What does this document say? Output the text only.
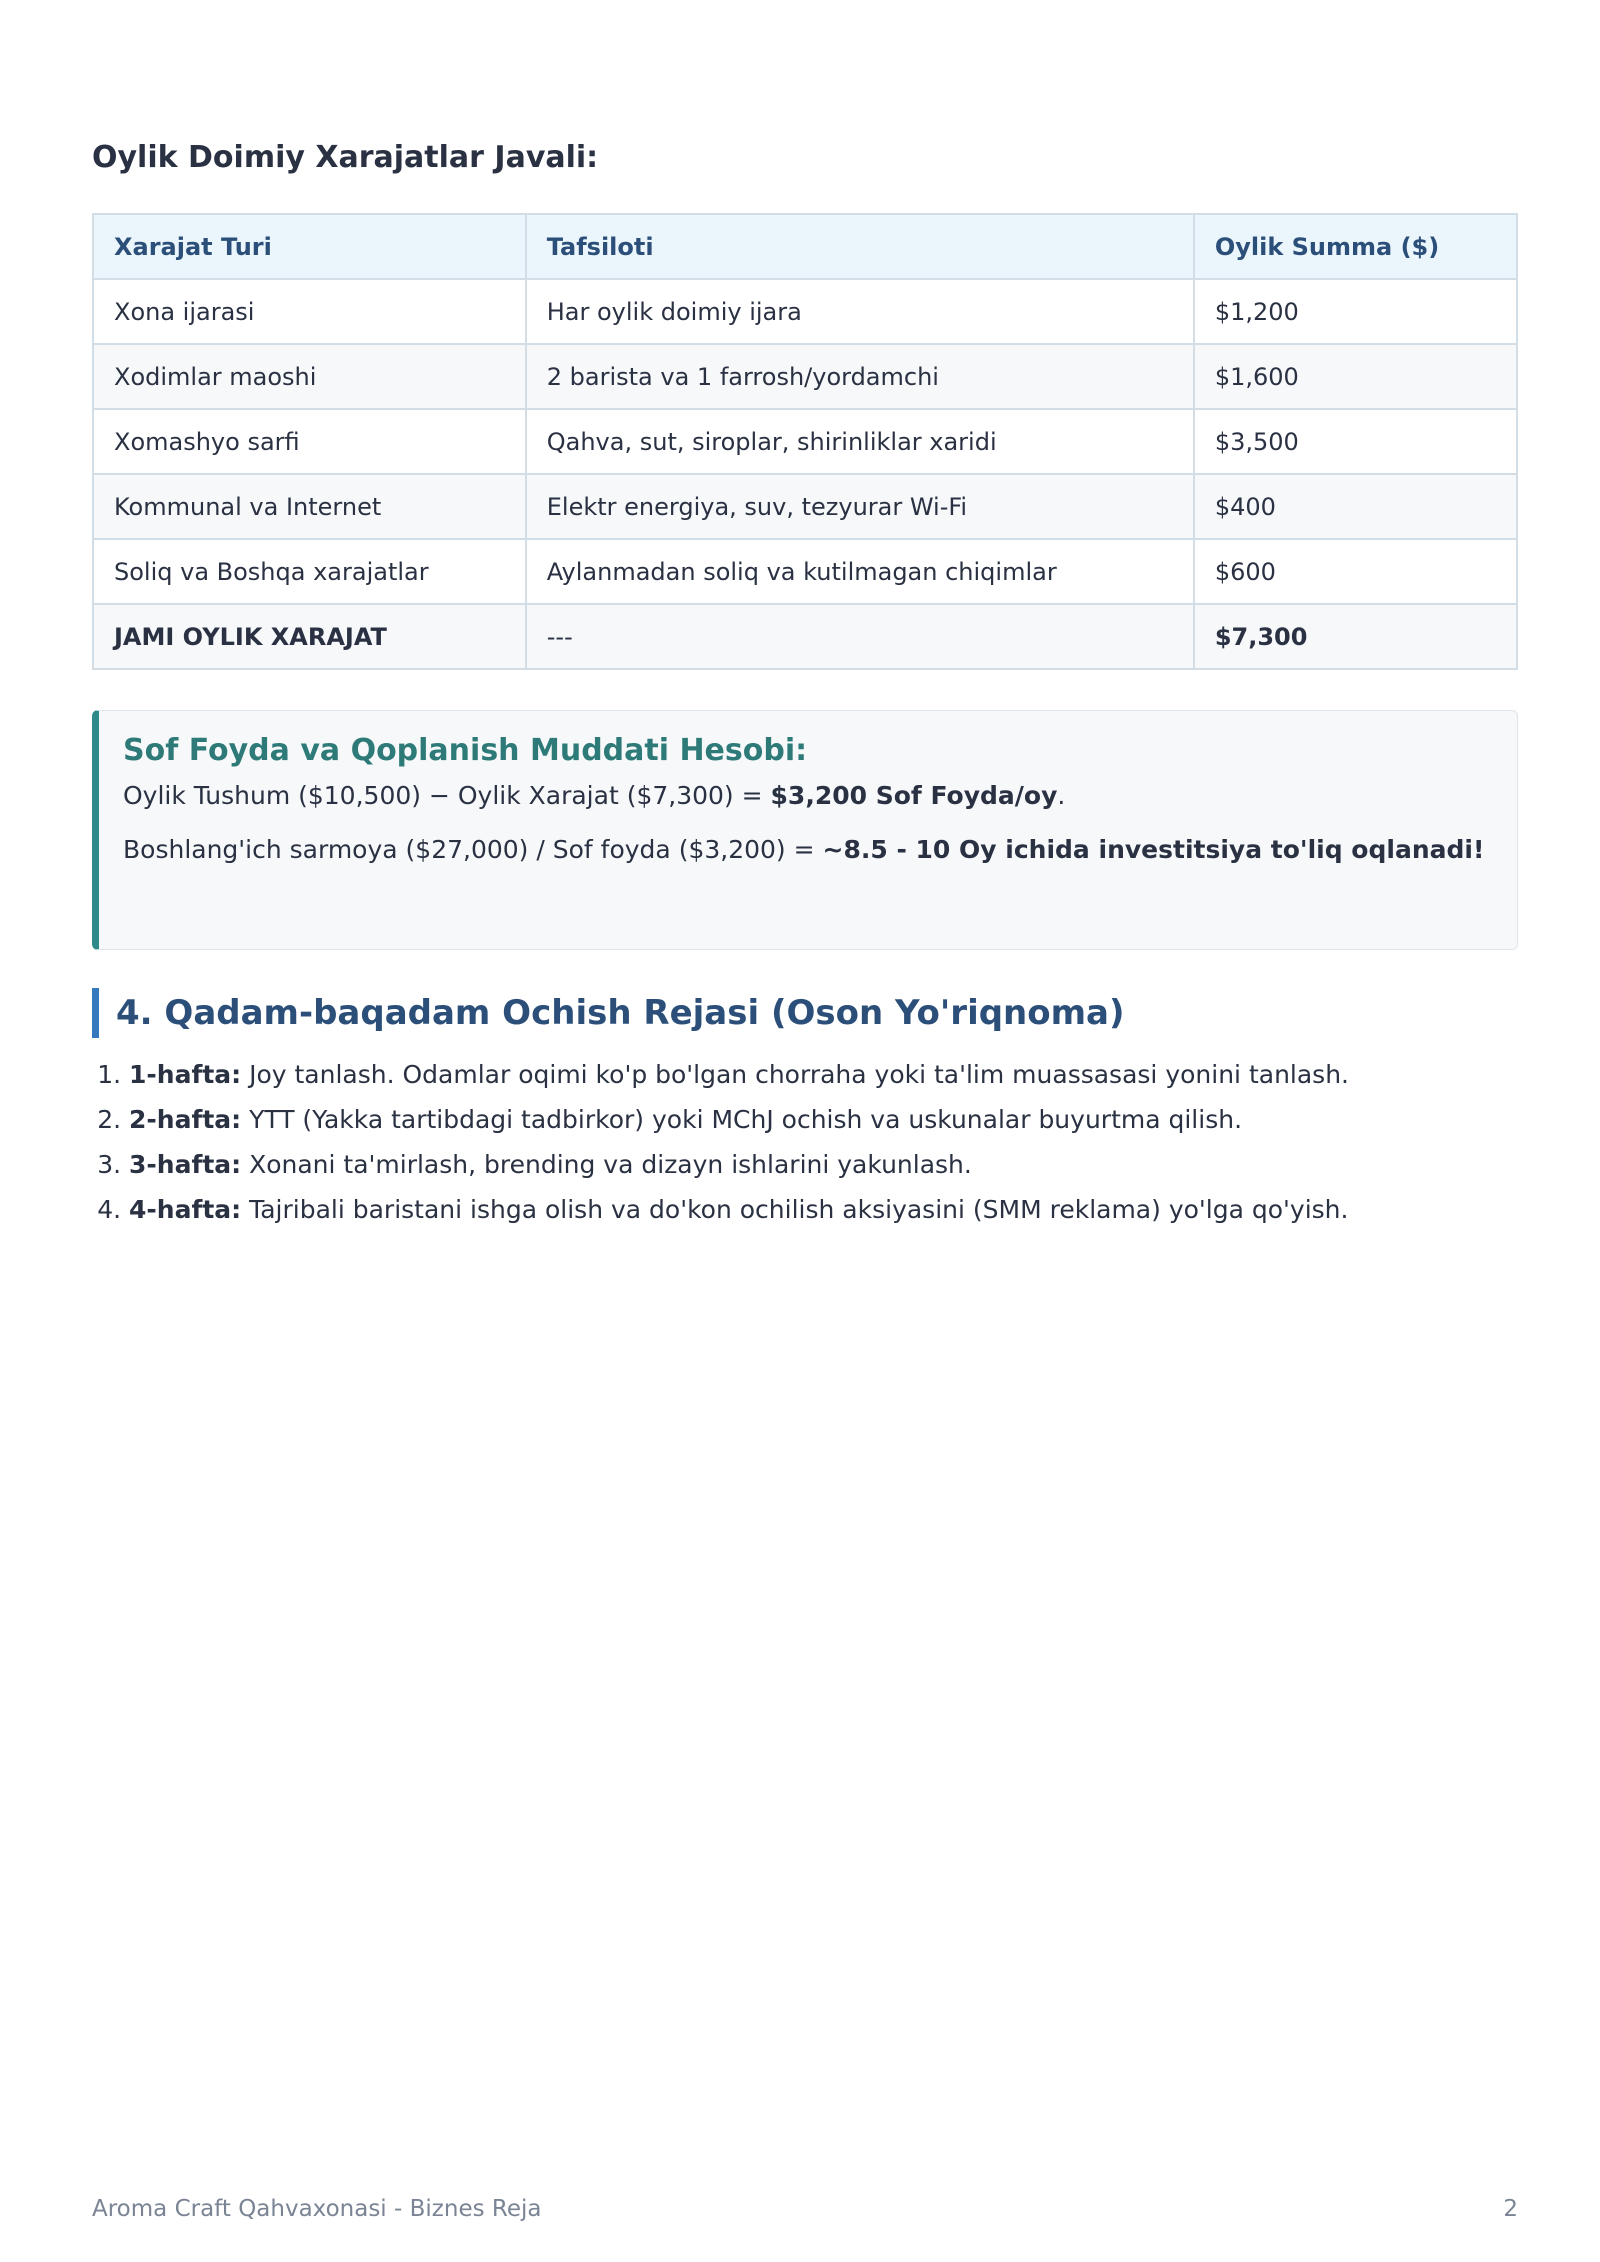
Oylik Doimiy Xarajatlar Javali:
Xarajat Turi	Tafsiloti	Oylik Summa ($)
Xona ijarasi	Har oylik doimiy ijara	$1,200
Xodimlar maoshi	2 barista va 1 farrosh/yordamchi	$1,600
Xomashyo sarfi	Qahva, sut, siroplar, shirinliklar xaridi	$3,500
Kommunal va Internet	Elektr energiya, suv, tezyurar Wi-Fi	$400
Soliq va Boshqa xarajatlar	Aylanmadan soliq va kutilmagan chiqimlar	$600
JAMI OYLIK XARAJAT	---	$7,300
Sof Foyda va Qoplanish Muddati Hesobi:

Oylik Tushum ($10,500) − Oylik Xarajat ($7,300) = $3,200 Sof Foyda/oy.

Boshlang'ich sarmoya ($27,000) / Sof foyda ($3,200) = ~8.5 - 10 Oy ichida investitsiya to'liq oqlanadi!

4. Qadam-baqadam Ochish Rejasi (Oson Yo'riqnoma)
1. 1-hafta: Joy tanlash. Odamlar oqimi ko'p bo'lgan chorraha yoki ta'lim muassasasi yonini tanlash.
2. 2-hafta: YTT (Yakka tartibdagi tadbirkor) yoki MChJ ochish va uskunalar buyurtma qilish.
3. 3-hafta: Xonani ta'mirlash, brending va dizayn ishlarini yakunlash.
4. 4-hafta: Tajribali baristani ishga olish va do'kon ochilish aksiyasini (SMM reklama) yo'lga qo'yish.
Aroma Craft Qahvaxonasi - Biznes Reja	2
